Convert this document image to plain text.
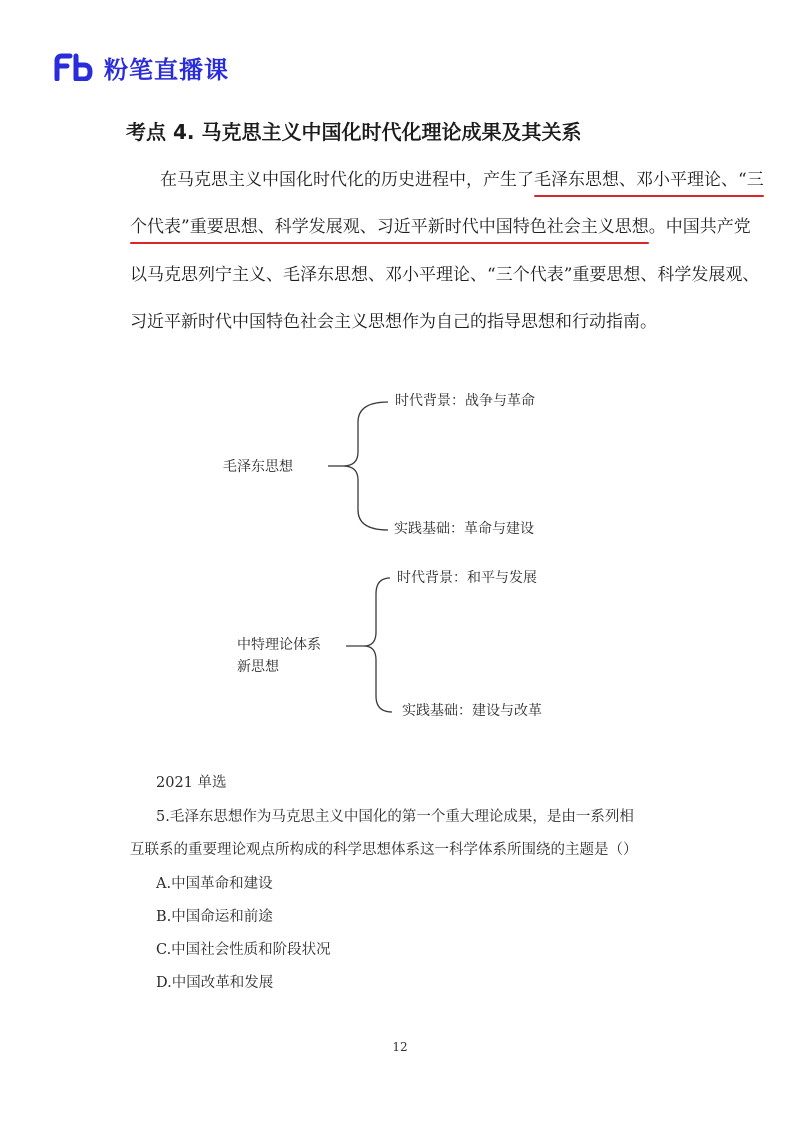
粉笔直播课
考点 4. 马克思主义中国化时代化理论成果及其关系
在马克思主义中国化时代化的历史进程中，产生了毛泽东思想、邓小平理论、“三
个代表”重要思想、科学发展观、习近平新时代中国特色社会主义思想。中国共产党
以马克思列宁主义、毛泽东思想、邓小平理论、“三个代表”重要思想、科学发展观、
习近平新时代中国特色社会主义思想作为自己的指导思想和行动指南。
时代背景：战争与革命
毛泽东思想
实践基础：革命与建设
时代背景：和平与发展
中特理论体系
新思想
实践基础：建设与改革
2021 单选
5.毛泽东思想作为马克思主义中国化的第一个重大理论成果，是由一系列相
互联系的重要理论观点所构成的科学思想体系这一科学体系所围绕的主题是（）
A.中国革命和建设
B.中国命运和前途
C.中国社会性质和阶段状况
D.中国改革和发展
12
